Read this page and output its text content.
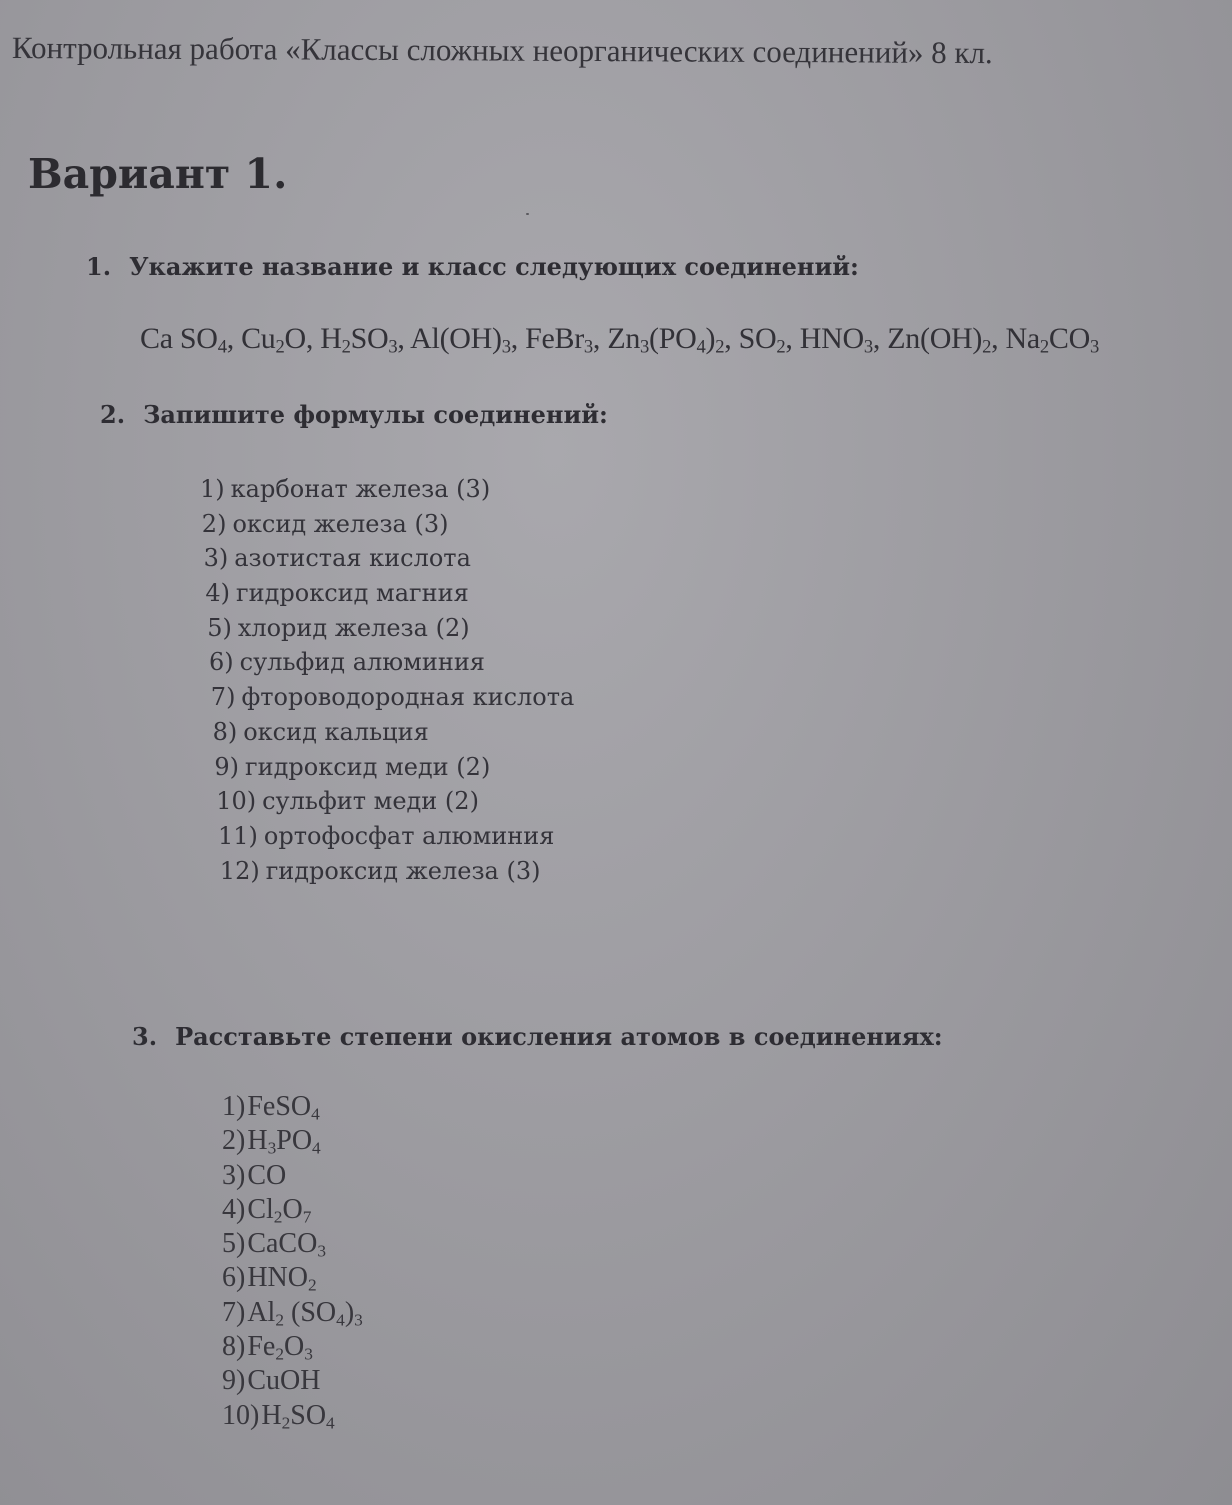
Контрольная работа «Классы сложных неорганических соединений» 8 кл.
Вариант 1.
1. Укажите название и класс следующих соединений:
Ca $SO_4$, $Cu_2O$, $H_2SO_3$, $Al(OH)_3$, FeBr$_3$, $Zn_3(PO_4)_2$, $SO_2$, $HNO_3$, $Zn(OH)_2$, $Na_2CO_3$
2. Запишите формулы соединений:
1) карбонат железа (3)
2) оксид железа (3)
3) азотистая кислота
4) гидроксид магния
5) хлорид железа (2)
6) сульфид алюминия
7) фтороводородная кислота
8) оксид кальция
9) гидроксид меди (2)
10) сульфит меди (2)
11) ортофосфат алюминия
12) гидроксид железа (3)
3. Расставьте степени окисления атомов в соединениях:
1)FeSO$_4$
$2)H_3PO_4$
3)CO
$4)Cl_2O_7$
5)CaCO$_3$
$6)HNO_2$
$7)Al_2$ $(SO_4)_3$
$8)Fe_2O_3$
9)CuOH
$10)H_2SO_4$
